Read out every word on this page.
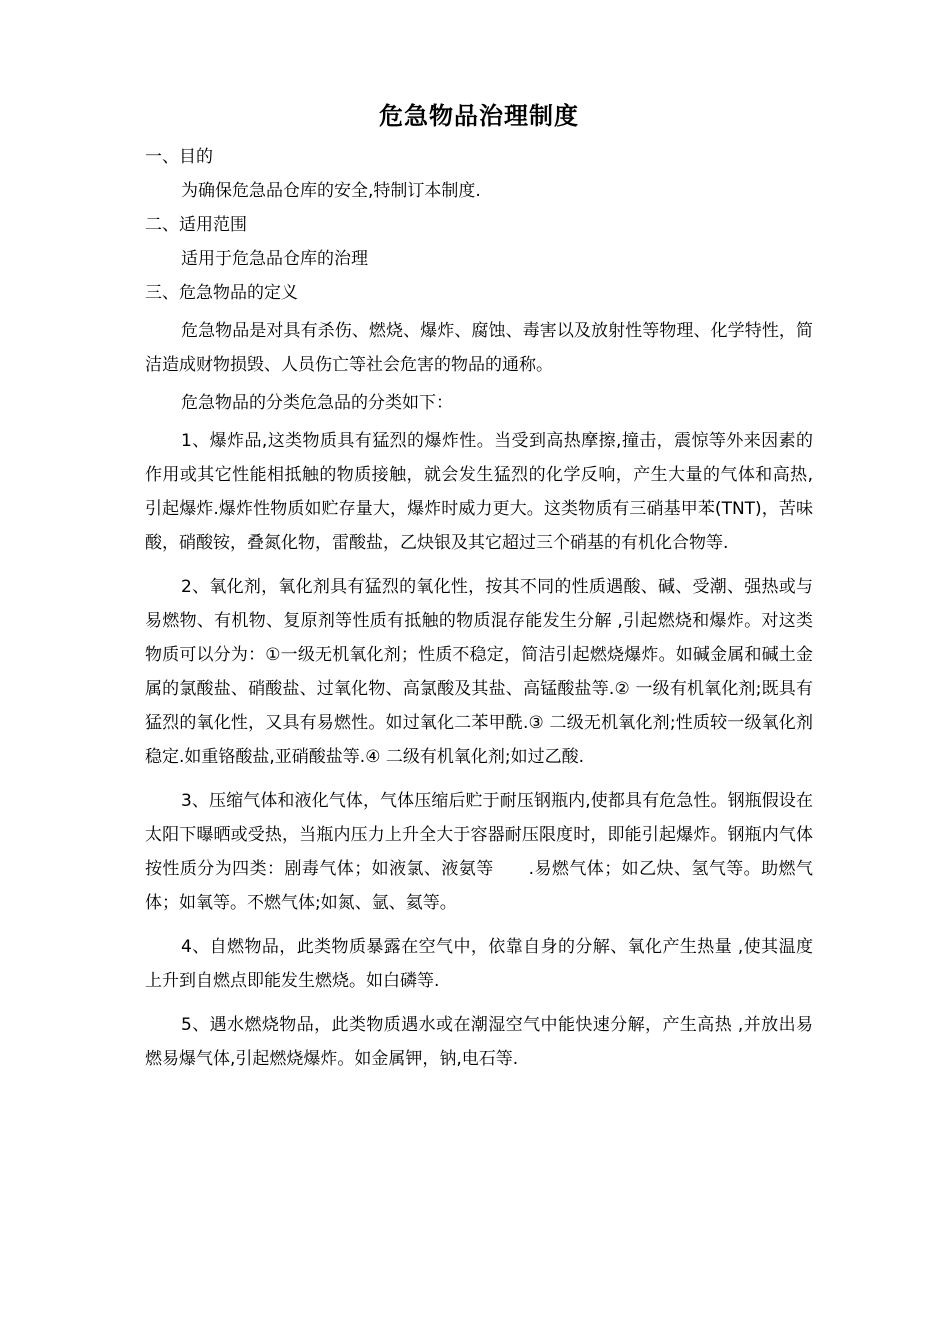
危急物品治理制度
一、目的

为确保危急品仓库的安全,特制订本制度.

二、适用范围

适用于危急品仓库的治理

三、危急物品的定义

危急物品是对具有杀伤、燃烧、爆炸、腐蚀、毒害以及放射性等物理、化学特性，简洁造成财物损毁、人员伤亡等社会危害的物品的通称。

危急物品的分类危急品的分类如下：

1、爆炸品,这类物质具有猛烈的爆炸性。当受到高热摩擦,撞击，震惊等外来因素的作用或其它性能相抵触的物质接触，就会发生猛烈的化学反响，产生大量的气体和高热,引起爆炸.爆炸性物质如贮存量大，爆炸时威力更大。这类物质有三硝基甲苯(TNT)，苦味酸，硝酸铵，叠氮化物，雷酸盐，乙炔银及其它超过三个硝基的有机化合物等.

2、氧化剂，氧化剂具有猛烈的氧化性，按其不同的性质遇酸、碱、受潮、强热或与易燃物、有机物、复原剂等性质有抵触的物质混存能发生分解 ,引起燃烧和爆炸。对这类物质可以分为：①一级无机氧化剂；性质不稳定，简洁引起燃烧爆炸。如碱金属和碱土金属的氯酸盐、硝酸盐、过氧化物、高氯酸及其盐、高锰酸盐等.② 一级有机氧化剂;既具有猛烈的氧化性，又具有易燃性。如过氧化二苯甲酰.③ 二级无机氧化剂;性质较一级氧化剂稳定.如重铬酸盐,亚硝酸盐等.④ 二级有机氧化剂;如过乙酸.

3、压缩气体和液化气体，气体压缩后贮于耐压钢瓶内,使都具有危急性。钢瓶假设在太阳下曝晒或受热，当瓶内压力上升全大于容器耐压限度时，即能引起爆炸。钢瓶内气体按性质分为四类：剧毒气体；如液氯、液氨等　　.易燃气体；如乙炔、氢气等。助燃气体；如氧等。不燃气体;如氮、氩、氦等。

4、自燃物品，此类物质暴露在空气中，依靠自身的分解、氧化产生热量 ,使其温度上升到自燃点即能发生燃烧。如白磷等.

5、遇水燃烧物品，此类物质遇水或在潮湿空气中能快速分解，产生高热 ,并放出易燃易爆气体,引起燃烧爆炸。如金属钾，钠,电石等.
